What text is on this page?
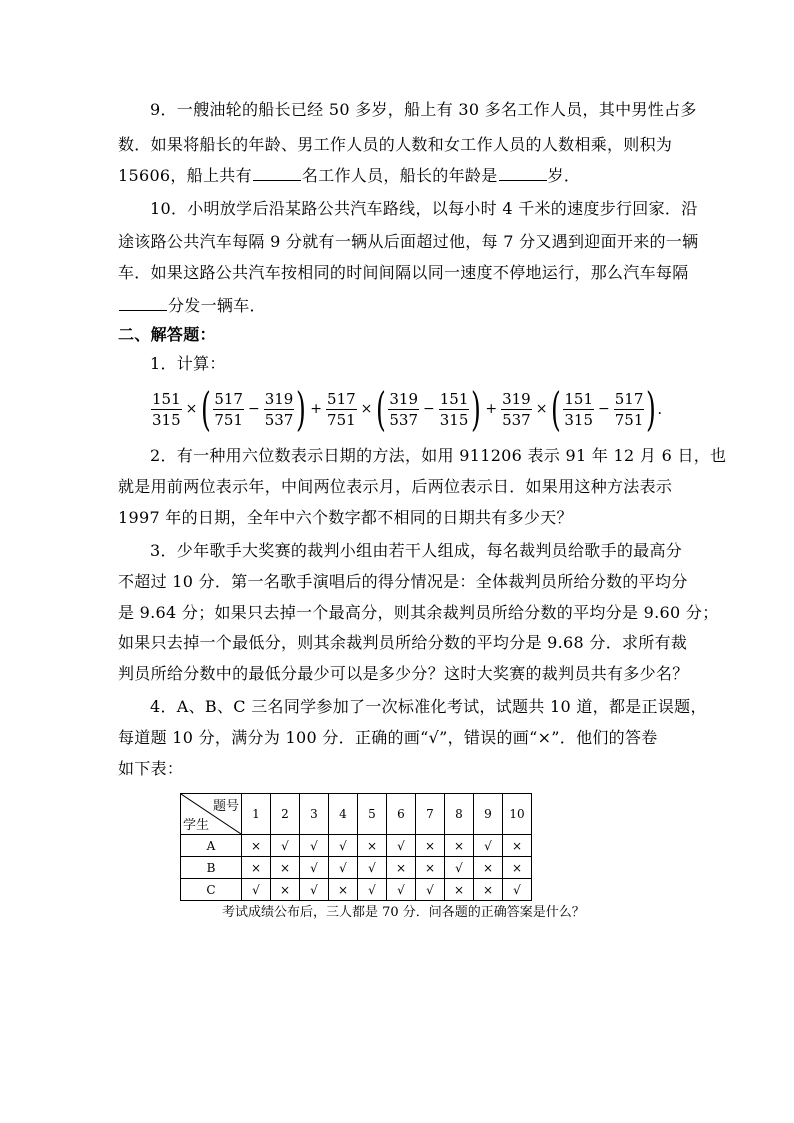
9．一艘油轮的船长已经 50 多岁，船上有 30 多名工作人员，其中男性占多
数．如果将船长的年龄、男工作人员的人数和女工作人员的人数相乘，则积为
15606，船上共有	名工作人员，船长的年龄是	岁．
10．小明放学后沿某路公共汽车路线，以每小时 4 千米的速度步行回家．沿
途该路公共汽车每隔 9 分就有一辆从后面超过他，每 7 分又遇到迎面开来的一辆
车．如果这路公共汽车按相同的时间间隔以同一速度不停地运行，那么汽车每隔
分发一辆车．
二、解答题：
1．计算：
$\frac{151}{315}$ × ( $\frac{517}{751} - \frac{319}{537}$ ) + $\frac{517}{751}$ × ( $\frac{319}{537} - \frac{151}{315}$ ) + $\frac{319}{537}$ × ( $\frac{151}{315} - \frac{517}{751}$ ) .
2．有一种用六位数表示日期的方法，如用 911206 表示 91 年 12 月 6 日，也
就是用前两位表示年，中间两位表示月，后两位表示日．如果用这种方法表示
1997 年的日期，全年中六个数字都不相同的日期共有多少天？
3．少年歌手大奖赛的裁判小组由若干人组成，每名裁判员给歌手的最高分
不超过 10 分．第一名歌手演唱后的得分情况是：全体裁判员所给分数的平均分
是 9.64 分；如果只去掉一个最高分，则其余裁判员所给分数的平均分是 9.60 分；
如果只去掉一个最低分，则其余裁判员所给分数的平均分是 9.68 分．求所有裁
判员所给分数中的最低分最少可以是多少分？这时大奖赛的裁判员共有多少名？
4．A、B、C 三名同学参加了一次标准化考试，试题共 10 道，都是正误题，
每道题 10 分，满分为 100 分．正确的画“√”，错误的画“×”．他们的答卷
如下表：
题号
学生	1	2	3	4	5	6	7	8	9	10
A	×	√	√	√	×	√	×	×	√	×
B	×	×	√	√	√	×	×	√	×	×
C	√	×	√	×	√	√	√	×	×	√
考试成绩公布后，三人都是 70 分．问各题的正确答案是什么？
